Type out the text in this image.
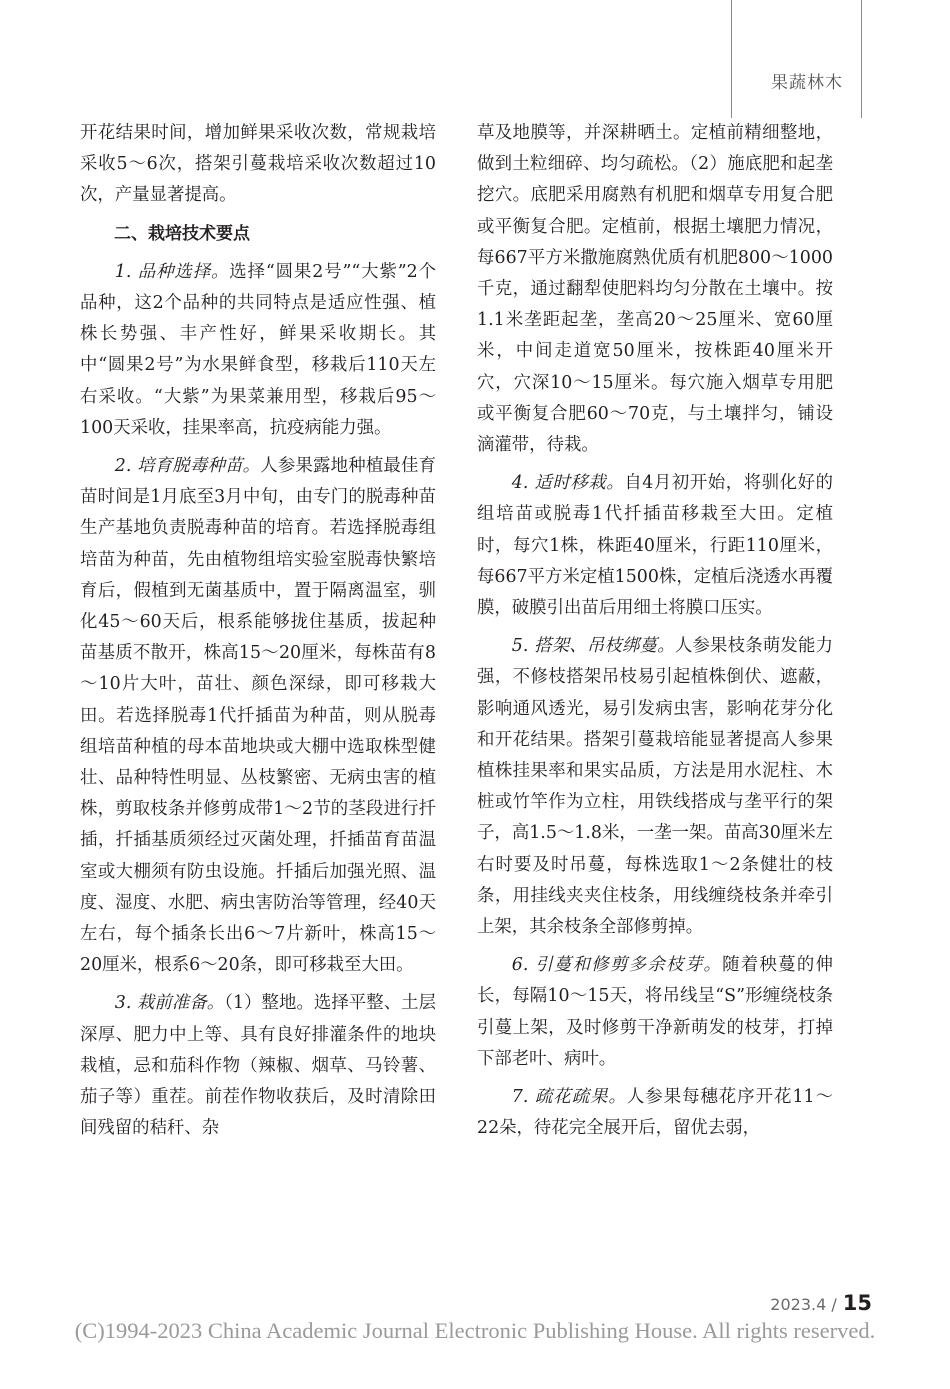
果蔬林木

开花结果时间，增加鲜果采收次数，常规栽培采收5～6次，搭架引蔓栽培采收次数超过10次，产量显著提高。

二、栽培技术要点

1. 品种选择。选择“圆果2号”“大紫”2个品种，这2个品种的共同特点是适应性强、植株长势强、丰产性好，鲜果采收期长。其中“圆果2号”为水果鲜食型，移栽后110天左右采收。“大紫”为果菜兼用型，移栽后95～100天采收，挂果率高，抗疫病能力强。

2. 培育脱毒种苗。人参果露地种植最佳育苗时间是1月底至3月中旬，由专门的脱毒种苗生产基地负责脱毒种苗的培育。若选择脱毒组培苗为种苗，先由植物组培实验室脱毒快繁培育后，假植到无菌基质中，置于隔离温室，驯化45～60天后，根系能够拢住基质，拔起种苗基质不散开，株高15～20厘米，每株苗有8～10片大叶，苗壮、颜色深绿，即可移栽大田。若选择脱毒1代扦插苗为种苗，则从脱毒组培苗种植的母本苗地块或大棚中选取株型健壮、品种特性明显、丛枝繁密、无病虫害的植株，剪取枝条并修剪成带1～2节的茎段进行扦插，扦插基质须经过灭菌处理，扦插苗育苗温室或大棚须有防虫设施。扦插后加强光照、温度、湿度、水肥、病虫害防治等管理，经40天左右，每个插条长出6～7片新叶，株高15～20厘米，根系6～20条，即可移栽至大田。

3. 栽前准备。（1）整地。选择平整、土层深厚、肥力中上等、具有良好排灌条件的地块栽植，忌和茄科作物（辣椒、烟草、马铃薯、茄子等）重茬。前茬作物收获后，及时清除田间残留的秸秆、杂

草及地膜等，并深耕晒土。定植前精细整地，做到土粒细碎、均匀疏松。（2）施底肥和起垄挖穴。底肥采用腐熟有机肥和烟草专用复合肥或平衡复合肥。定植前，根据土壤肥力情况，每667平方米撒施腐熟优质有机肥800～1000千克，通过翻犁使肥料均匀分散在土壤中。按1.1米垄距起垄，垄高20～25厘米、宽60厘米，中间走道宽50厘米，按株距40厘米开穴，穴深10～15厘米。每穴施入烟草专用肥或平衡复合肥60～70克，与土壤拌匀，铺设滴灌带，待栽。

4. 适时移栽。自4月初开始，将驯化好的组培苗或脱毒1代扦插苗移栽至大田。定植时，每穴1株，株距40厘米，行距110厘米，每667平方米定植1500株，定植后浇透水再覆膜，破膜引出苗后用细土将膜口压实。

5. 搭架、吊枝绑蔓。人参果枝条萌发能力强，不修枝搭架吊枝易引起植株倒伏、遮蔽，影响通风透光，易引发病虫害，影响花芽分化和开花结果。搭架引蔓栽培能显著提高人参果植株挂果率和果实品质，方法是用水泥柱、木桩或竹竿作为立柱，用铁线搭成与垄平行的架子，高1.5～1.8米，一垄一架。苗高30厘米左右时要及时吊蔓，每株选取1～2条健壮的枝条，用挂线夹夹住枝条，用线缠绕枝条并牵引上架，其余枝条全部修剪掉。

6. 引蔓和修剪多余枝芽。随着秧蔓的伸长，每隔10～15天，将吊线呈“S”形缠绕枝条引蔓上架，及时修剪干净新萌发的枝芽，打掉下部老叶、病叶。

7. 疏花疏果。人参果每穗花序开花11～22朵，待花完全展开后，留优去弱，

2023.4 / 15
(C)1994-2023 China Academic Journal Electronic Publishing House. All rights reserved.
